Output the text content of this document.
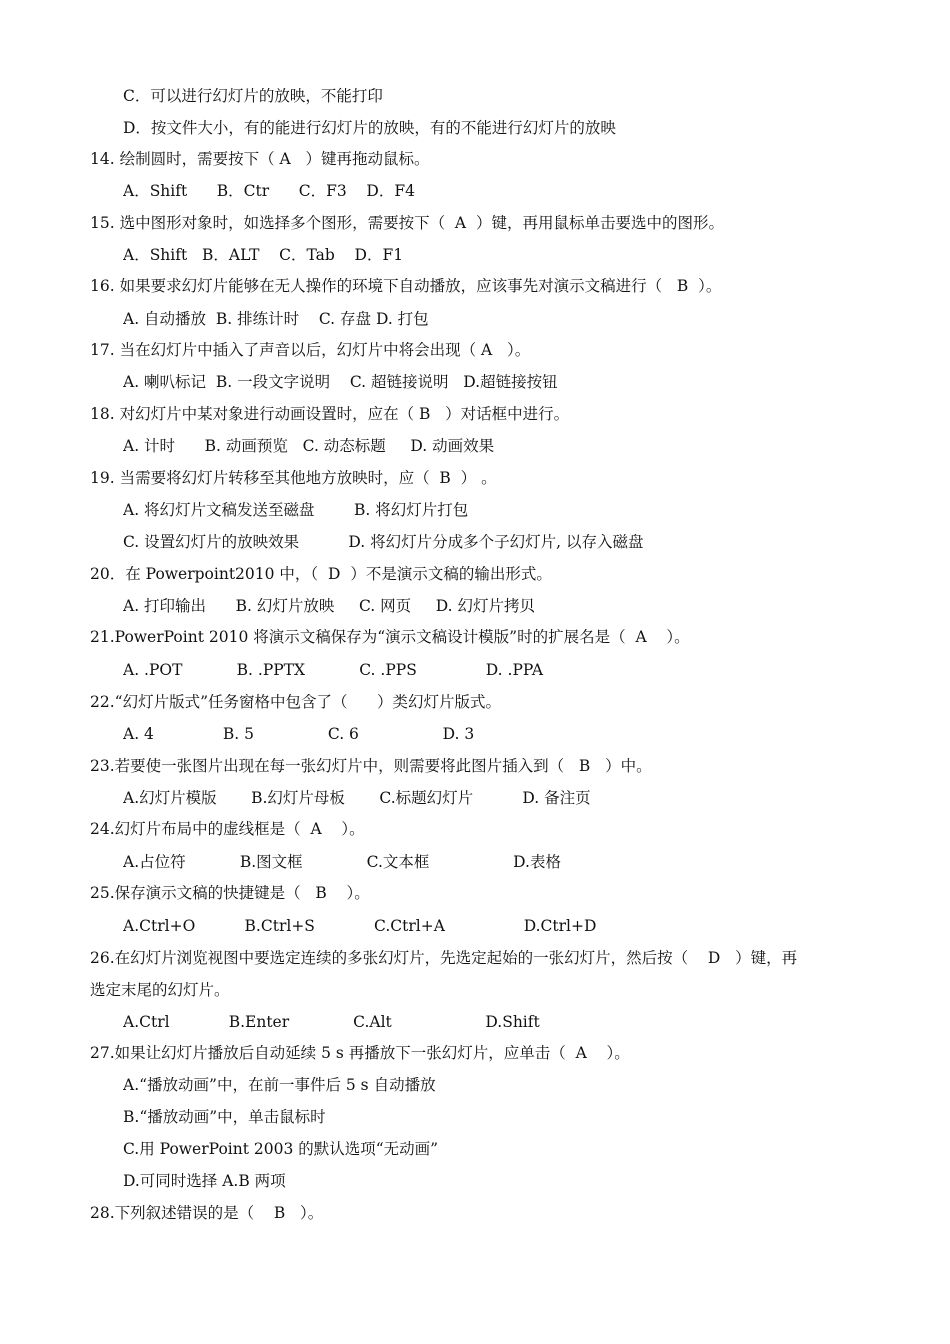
C．可以进行幻灯片的放映，不能打印
D．按文件大小，有的能进行幻灯片的放映，有的不能进行幻灯片的放映
14. 绘制圆时，需要按下（ A   ）键再拖动鼠标。
A．Shift      B．Ctr      C．F3    D．F4
15. 选中图形对象时，如选择多个图形，需要按下（  A  ）键，再用鼠标单击要选中的图形。
A．Shift   B．ALT    C．Tab    D．F1
16. 如果要求幻灯片能够在无人操作的环境下自动播放，应该事先对演示文稿进行（   B  ）。
A. 自动播放  B. 排练计时    C. 存盘 D. 打包
17. 当在幻灯片中插入了声音以后，幻灯片中将会出现（ A   ）。
A. 喇叭标记  B. 一段文字说明    C. 超链接说明   D.超链接按钮
18. 对幻灯片中某对象进行动画设置时，应在（ B   ）对话框中进行。
A. 计时      B. 动画预览   C. 动态标题     D. 动画效果
19. 当需要将幻灯片转移至其他地方放映时，应（  B  ） 。
A. 将幻灯片文稿发送至磁盘        B. 将幻灯片打包
C. 设置幻灯片的放映效果          D. 将幻灯片分成多个子幻灯片, 以存入磁盘
20．在 Powerpoint2010 中，（  D  ）不是演示文稿的输出形式。
A. 打印输出      B. 幻灯片放映     C. 网页     D. 幻灯片拷贝
21.PowerPoint 2010 将演示文稿保存为“演示文稿设计模版”时的扩展名是（  A    ）。
A. .POT           B. .PPTX           C. .PPS              D. .PPA
22.“幻灯片版式”任务窗格中包含了（      ）类幻灯片版式。
A. 4              B. 5               C. 6                 D. 3
23.若要使一张图片出现在每一张幻灯片中，则需要将此图片插入到（   B   ）中。
A.幻灯片模版       B.幻灯片母板       C.标题幻灯片          D. 备注页
24.幻灯片布局中的虚线框是（  A    ）。
A.占位符           B.图文框             C.文本框                 D.表格
25.保存演示文稿的快捷键是（   B    ）。
A.Ctrl+O          B.Ctrl+S            C.Ctrl+A                D.Ctrl+D
26.在幻灯片浏览视图中要选定连续的多张幻灯片，先选定起始的一张幻灯片，然后按（    D   ）键，再
选定末尾的幻灯片。
A.Ctrl            B.Enter             C.Alt                   D.Shift
27.如果让幻灯片播放后自动延续 5 s 再播放下一张幻灯片，应单击（  A    ）。
A.“播放动画”中，在前一事件后 5 s 自动播放
B.“播放动画”中，单击鼠标时
C.用 PowerPoint 2003 的默认选项“无动画”
D.可同时选择 A.B 两项
28.下列叙述错误的是（    B   ）。
